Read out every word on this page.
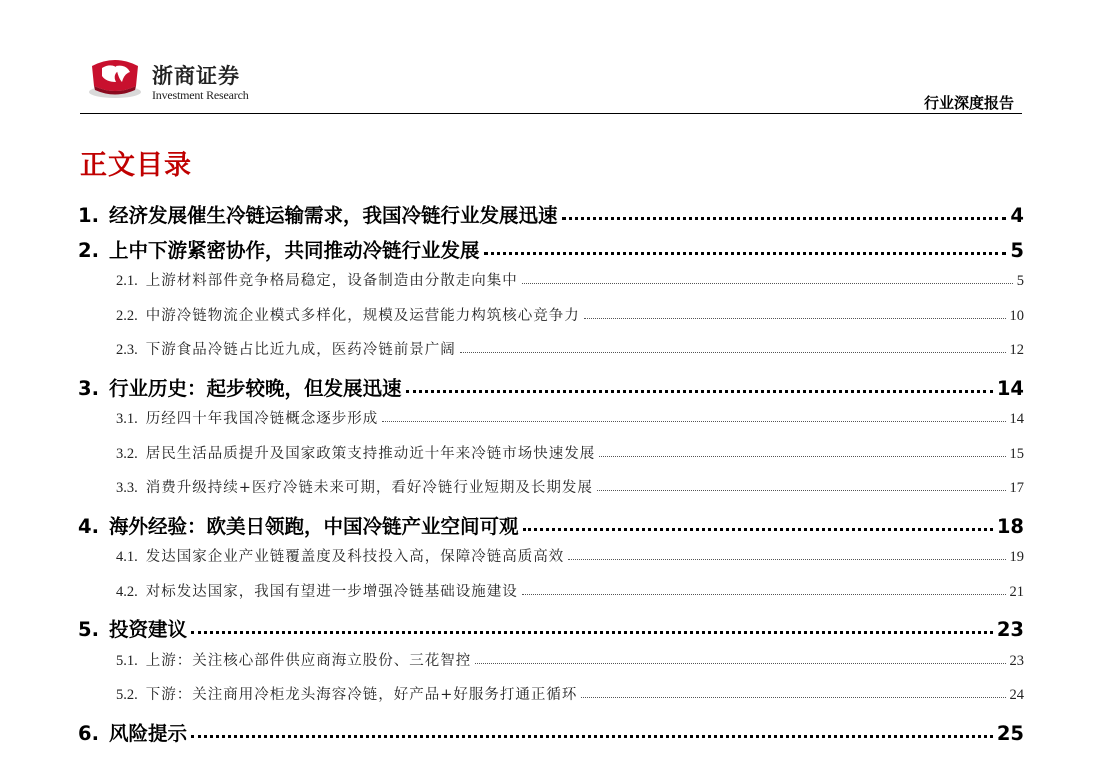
浙商证券
Investment Research	行业深度报告
正文目录
1. 经济发展催生冷链运输需求，我国冷链行业发展迅速	4
2. 上中下游紧密协作，共同推动冷链行业发展	5
2.1. 上游材料部件竞争格局稳定，设备制造由分散走向集中	5
2.2. 中游冷链物流企业模式多样化，规模及运营能力构筑核心竞争力	10
2.3. 下游食品冷链占比近九成，医药冷链前景广阔	12
3. 行业历史：起步较晚，但发展迅速	14
3.1. 历经四十年我国冷链概念逐步形成	14
3.2. 居民生活品质提升及国家政策支持推动近十年来冷链市场快速发展	15
3.3. 消费升级持续+医疗冷链未来可期，看好冷链行业短期及长期发展	17
4. 海外经验：欧美日领跑，中国冷链产业空间可观	18
4.1. 发达国家企业产业链覆盖度及科技投入高，保障冷链高质高效	19
4.2. 对标发达国家，我国有望进一步增强冷链基础设施建设	21
5. 投资建议	23
5.1. 上游：关注核心部件供应商海立股份、三花智控	23
5.2. 下游：关注商用冷柜龙头海容冷链，好产品+好服务打通正循环	24
6. 风险提示	25
